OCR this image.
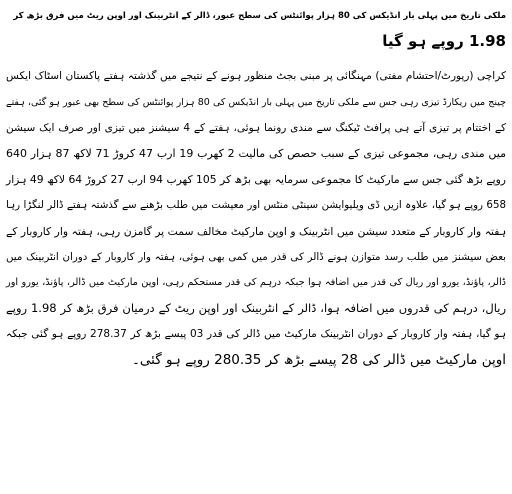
ملکی تاریخ میں پہلی بار انڈیکس کی 80 ہزار پوائنٹس کی سطح عبور، ڈالر کے انٹربینک اور اوپن ریٹ میں فرق بڑھ کر
1.98 روپے ہو گیا
کراچی (رپورٹ/احتشام مفتی) مہنگائی پر مبنی بجٹ منظور ہونے کے نتیجے میں گذشتہ ہفتے پاکستان اسٹاک ایکس
چینج میں ریکارڈ تیزی رہی جس سے ملکی تاریخ میں پہلی بار انڈیکس کی 80 ہزار پوائنٹس کی سطح بھی عبور ہو گئی، ہفتے
کے اختتام پر تیزی آتے ہی پرافٹ ٹیکنگ سے مندی رونما ہوئی، ہفتے کے 4 سیشنز میں تیزی اور صرف ایک سیشن
میں مندی رہی، مجموعی تیزی کے سبب حصص کی مالیت 2 کھرب 19 ارب 47 کروڑ 71 لاکھ 87 ہزار 640
روپے بڑھ گئی جس سے مارکیٹ کا مجموعی سرمایہ بھی بڑھ کر 105 کھرب 94 ارب 27 کروڑ 64 لاکھ 49 ہزار
658 روپے ہو گیا، علاوہ ازیں ڈی ویلیوایشن سینٹی منٹس اور معیشت میں طلب بڑھنے سے گذشتہ ہفتے ڈالر لنگڑا رہا
ہفتہ وار کاروبار کے متعدد سیشن میں انٹربینک و اوپن مارکیٹ مخالف سمت پر گامزن رہی، ہفتہ وار کاروبار کے
بعض سیشنز میں طلب رسد متوازن ہونے ڈالر کی قدر میں کمی بھی ہوئی، ہفتہ وار کاروبار کے دوران انٹربینک میں
ڈالر، پاؤنڈ، یورو اور ریال کی قدر میں اضافہ ہوا جبکہ درہم کی قدر مستحکم رہی، اوپن مارکیٹ میں ڈالر، پاؤنڈ، یورو اور
ریال، درہم کی قدروں میں اضافہ ہوا، ڈالر کے انٹربینک اور اوپن ریٹ کے درمیان فرق بڑھ کر 1.98 روپے
ہو گیا، ہفتہ وار کاروبار کے دوران انٹربینک مارکیٹ میں ڈالر کی قدر 03 پیسے بڑھ کر 278.37 روپے ہو گئی جبکہ
اوپن مارکیٹ میں ڈالر کی 28 پیسے بڑھ کر 280.35 روپے ہو گئی۔
